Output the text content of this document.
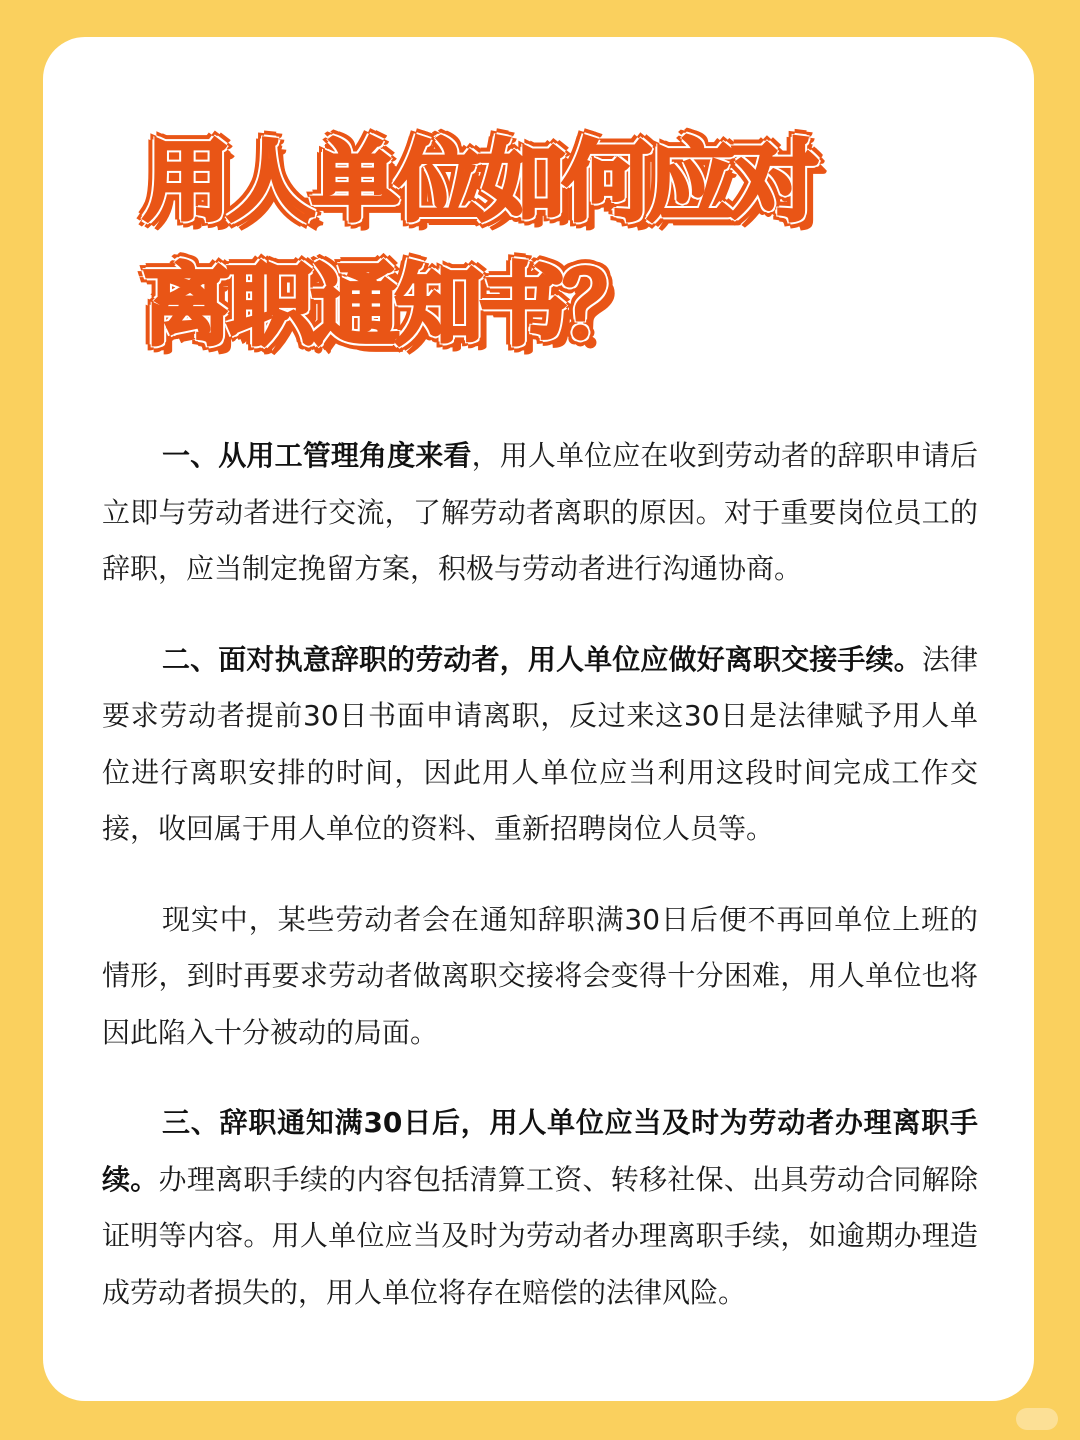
用人单位如何应对
离职通知书？

一、从用工管理角度来看，用人单位应在收到劳动者的辞职申请后立即与劳动者进行交流，了解劳动者离职的原因。对于重要岗位员工的辞职，应当制定挽留方案，积极与劳动者进行沟通协商。

二、面对执意辞职的劳动者，用人单位应做好离职交接手续。法律要求劳动者提前30日书面申请离职，反过来这30日是法律赋予用人单位进行离职安排的时间，因此用人单位应当利用这段时间完成工作交接，收回属于用人单位的资料、重新招聘岗位人员等。

现实中，某些劳动者会在通知辞职满30日后便不再回单位上班的情形，到时再要求劳动者做离职交接将会变得十分困难，用人单位也将因此陷入十分被动的局面。

三、辞职通知满30日后，用人单位应当及时为劳动者办理离职手续。办理离职手续的内容包括清算工资、转移社保、出具劳动合同解除证明等内容。用人单位应当及时为劳动者办理离职手续，如逾期办理造成劳动者损失的，用人单位将存在赔偿的法律风险。
